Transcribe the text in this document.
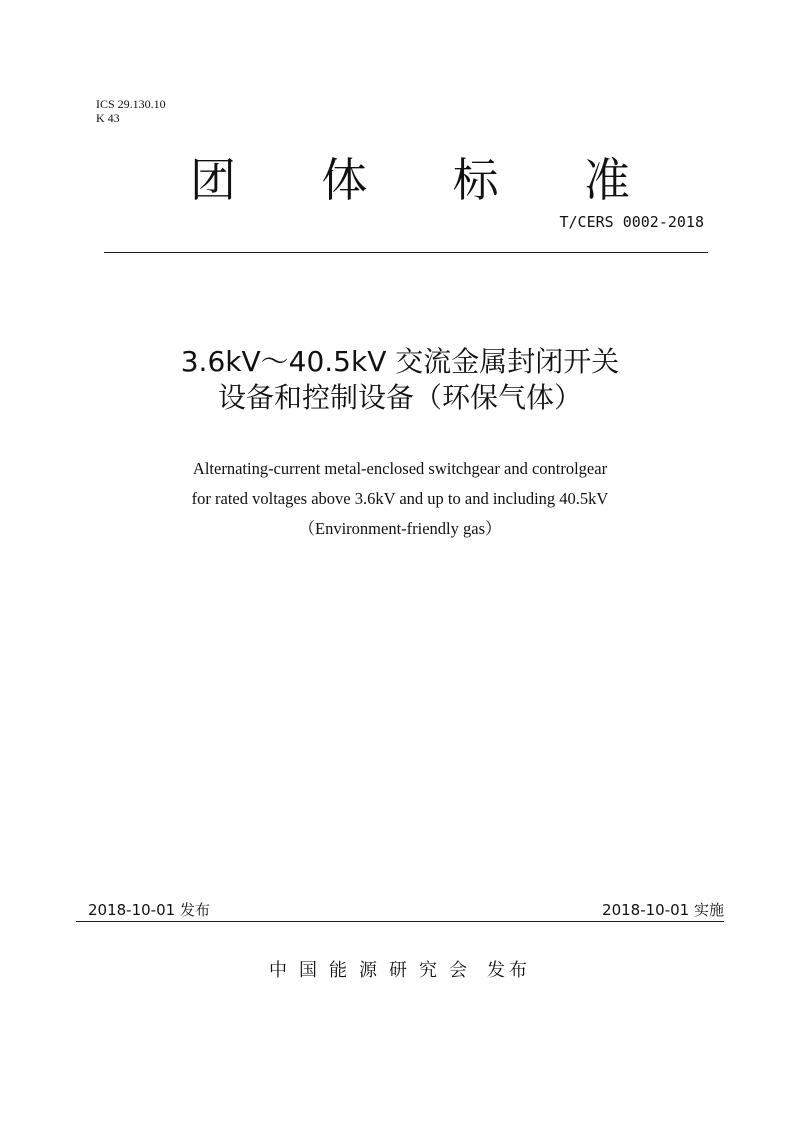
ICS 29.130.10
K 43
团 体 标 准
T/CERS 0002-2018
3.6kV～40.5kV 交流金属封闭开关
设备和控制设备（环保气体）
Alternating-current metal-enclosed switchgear and controlgear
for rated voltages above 3.6kV and up to and including 40.5kV
（Environment-friendly gas）
2018-10-01 发布	2018-10-01 实施
中国能源研究会 发布
